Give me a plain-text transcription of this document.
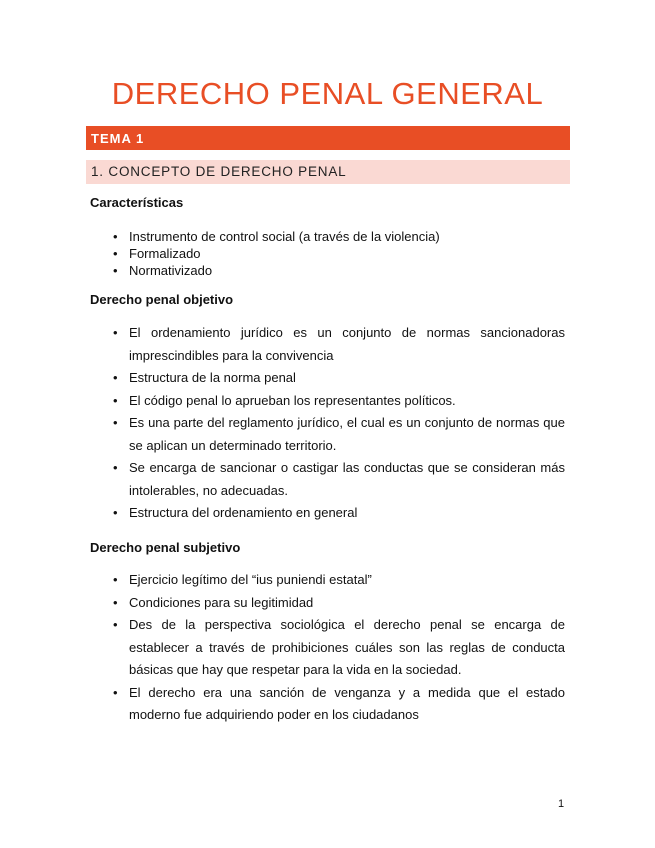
DERECHO PENAL GENERAL
TEMA 1
1. CONCEPTO DE DERECHO PENAL
Características
• Instrumento de control social (a través de la violencia)
• Formalizado
• Normativizado
Derecho penal objetivo
• El ordenamiento jurídico es un conjunto de normas sancionadoras imprescindibles para la convivencia
• Estructura de la norma penal
• El código penal lo aprueban los representantes políticos.
• Es una parte del reglamento jurídico, el cual es un conjunto de normas que se aplican un determinado territorio.
• Se encarga de sancionar o castigar las conductas que se consideran más intolerables, no adecuadas.
• Estructura del ordenamiento en general
Derecho penal subjetivo
• Ejercicio legítimo del “ius puniendi estatal”
• Condiciones para su legitimidad
• Des de la perspectiva sociológica el derecho penal se encarga de establecer a través de prohibiciones cuáles son las reglas de conducta básicas que hay que respetar para la vida en la sociedad.
• El derecho era una sanción de venganza y a medida que el estado moderno fue adquiriendo poder en los ciudadanos
1
